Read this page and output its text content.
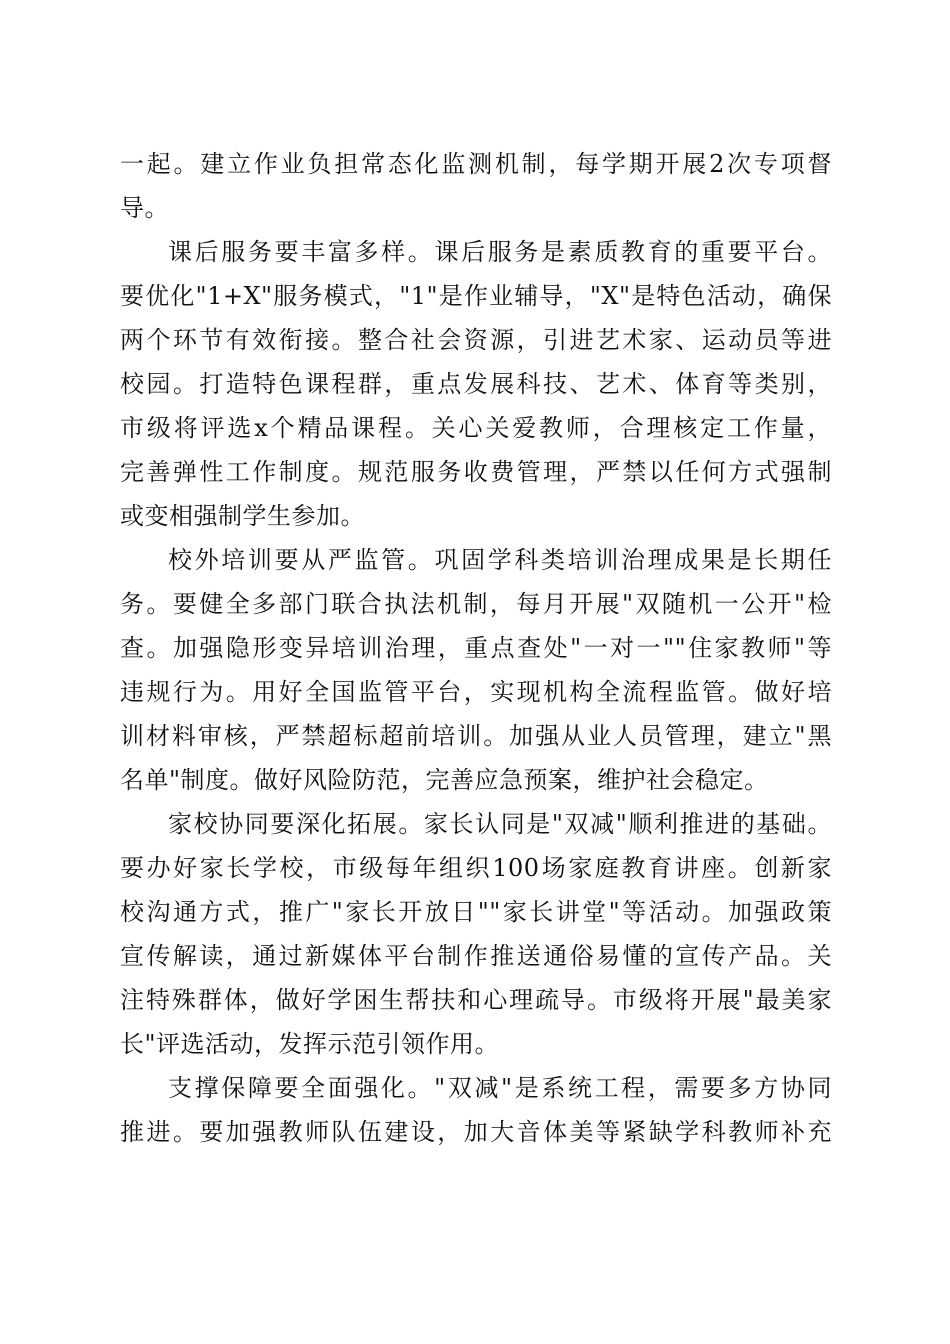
一起。建立作业负担常态化监测机制，每学期开展2次专项督
导。
课后服务要丰富多样。课后服务是素质教育的重要平台。
要优化"1+X"服务模式，"1"是作业辅导，"X"是特色活动，确保
两个环节有效衔接。整合社会资源，引进艺术家、运动员等进
校园。打造特色课程群，重点发展科技、艺术、体育等类别，
市级将评选x个精品课程。关心关爱教师，合理核定工作量，
完善弹性工作制度。规范服务收费管理，严禁以任何方式强制
或变相强制学生参加。
校外培训要从严监管。巩固学科类培训治理成果是长期任
务。要健全多部门联合执法机制，每月开展"双随机一公开"检
查。加强隐形变异培训治理，重点查处"一对一""住家教师"等
违规行为。用好全国监管平台，实现机构全流程监管。做好培
训材料审核，严禁超标超前培训。加强从业人员管理，建立"黑
名单"制度。做好风险防范，完善应急预案，维护社会稳定。
家校协同要深化拓展。家长认同是"双减"顺利推进的基础。
要办好家长学校，市级每年组织100场家庭教育讲座。创新家
校沟通方式，推广"家长开放日""家长讲堂"等活动。加强政策
宣传解读，通过新媒体平台制作推送通俗易懂的宣传产品。关
注特殊群体，做好学困生帮扶和心理疏导。市级将开展"最美家
长"评选活动，发挥示范引领作用。
支撑保障要全面强化。"双减"是系统工程，需要多方协同
推进。要加强教师队伍建设，加大音体美等紧缺学科教师补充
